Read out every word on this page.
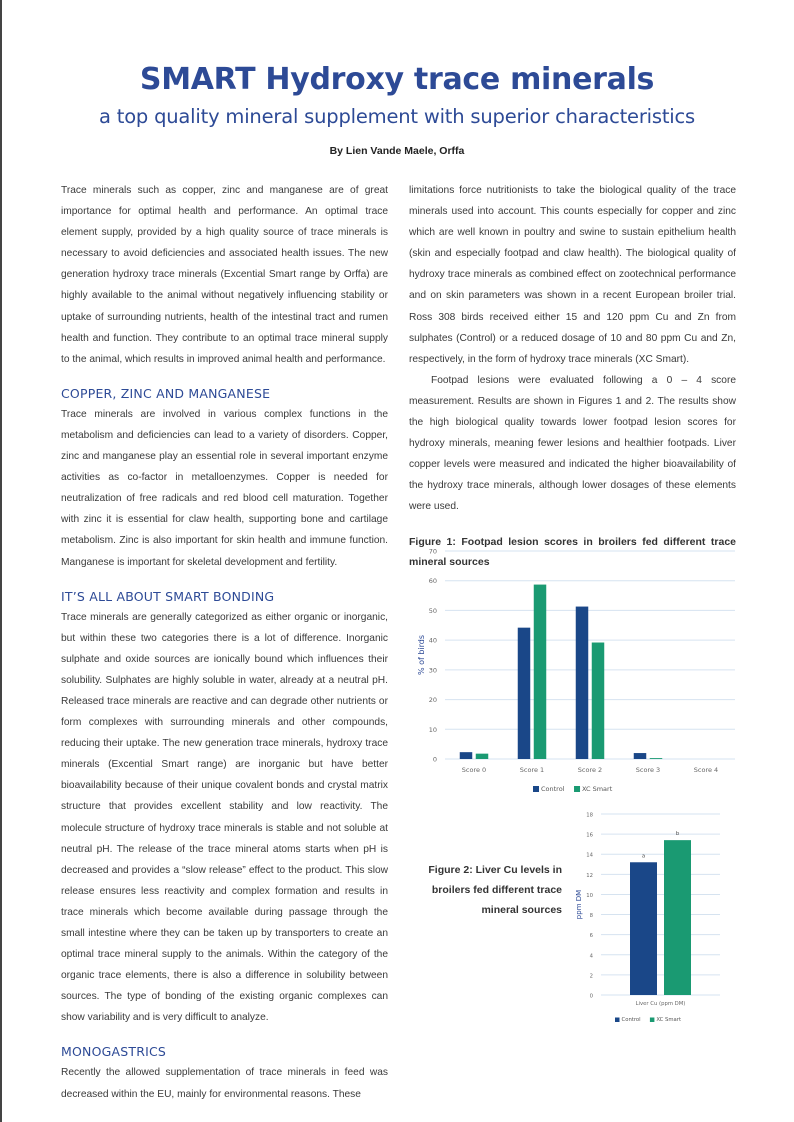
SMART Hydroxy trace minerals
a top quality mineral supplement with superior characteristics
By Lien Vande Maele, Orffa

Trace minerals such as copper, zinc and manganese are of great importance for optimal health and performance. An optimal trace element supply, provided by a high quality source of trace minerals is necessary to avoid deficiencies and associated health issues. The new generation hydroxy trace minerals (Excential Smart range by Orffa) are highly available to the animal without negatively influencing stability or uptake of surrounding nutrients, health of the intestinal tract and rumen health and function. They contribute to an optimal trace mineral supply to the animal, which results in improved animal health and performance.

COPPER, ZINC AND MANGANESE

Trace minerals are involved in various complex functions in the metabolism and deficiencies can lead to a variety of disorders. Copper, zinc and manganese play an essential role in several important enzyme activities as co-factor in metalloenzymes. Copper is needed for neutralization of free radicals and red blood cell maturation. Together with zinc it is essential for claw health, supporting bone and cartilage metabolism. Zinc is also important for skin health and immune function. Manganese is important for skeletal development and fertility.

IT’S ALL ABOUT SMART BONDING

Trace minerals are generally categorized as either organic or inorganic, but within these two categories there is a lot of difference. Inorganic sulphate and oxide sources are ionically bound which influences their solubility. Sulphates are highly soluble in water, already at a neutral pH. Released trace minerals are reactive and can degrade other nutrients or form complexes with surrounding minerals and other compounds, reducing their uptake. The new generation trace minerals, hydroxy trace minerals (Excential Smart range) are inorganic but have better bioavailability because of their unique covalent bonds and crystal matrix structure that provides excellent stability and low reactivity. The molecule structure of hydroxy trace minerals is stable and not soluble at neutral pH. The release of the trace mineral atoms starts when pH is decreased and provides a “slow release” effect to the product. This slow release ensures less reactivity and complex formation and results in trace minerals which become available during passage through the small intestine where they can be taken up by transporters to create an optimal trace mineral supply to the animals. Within the category of the organic trace elements, there is also a difference in solubility between sources. The type of bonding of the existing organic complexes can show variability and is very difficult to analyze.

MONOGASTRICS

Recently the allowed supplementation of trace minerals in feed was decreased within the EU, mainly for environmental reasons. These

limitations force nutritionists to take the biological quality of the trace minerals used into account. This counts especially for copper and zinc which are well known in poultry and swine to sustain epithelium health (skin and especially footpad and claw health). The biological quality of hydroxy trace minerals as combined effect on zootechnical performance and on skin parameters was shown in a recent European broiler trial. Ross 308 birds received either 15 and 120 ppm Cu and Zn from sulphates (Control) or a reduced dosage of 10 and 80 ppm Cu and Zn, respectively, in the form of hydroxy trace minerals (XC Smart).

Footpad lesions were evaluated following a 0 – 4 score measurement. Results are shown in Figures 1 and 2. The results show the high biological quality towards lower footpad lesion scores for hydroxy minerals, meaning fewer lesions and healthier footpads. Liver copper levels were measured and indicated the higher bioavailability of the hydroxy trace minerals, although lower dosages of these elements were used.

Figure 1: Footpad lesion scores in broilers fed different trace mineral sources
0
10
20
30
40
50
60
70
% of birds
Score 0	Score 1	Score 2	Score 3	Score 4
Control	XC Smart
Figure 2: Liver Cu levels in broilers fed different trace mineral sources
0
2
4
6
8
10
12
14
16
18
ppm DM
a
b
Liver Cu (ppm DM)
Control	XC Smart
